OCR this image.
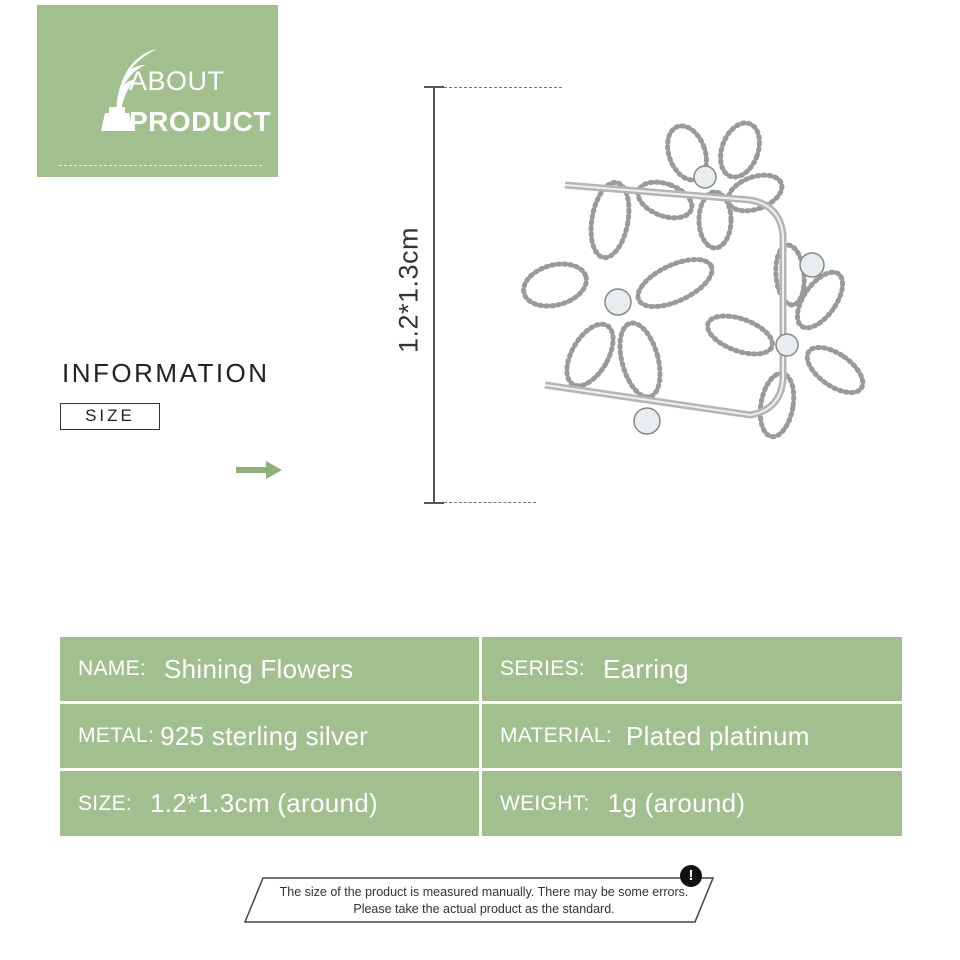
ABOUT
PRODUCT
INFORMATION
SIZE
1.2*1.3cm
NAME: Shining Flowers	SERIES: Earring
METAL: 925 sterling silver	MATERIAL: Plated platinum
SIZE: 1.2*1.3cm (around)	WEIGHT: 1g (around)
The size of the product is measured manually. There may be some errors.
Please take the actual product as the standard.
!
